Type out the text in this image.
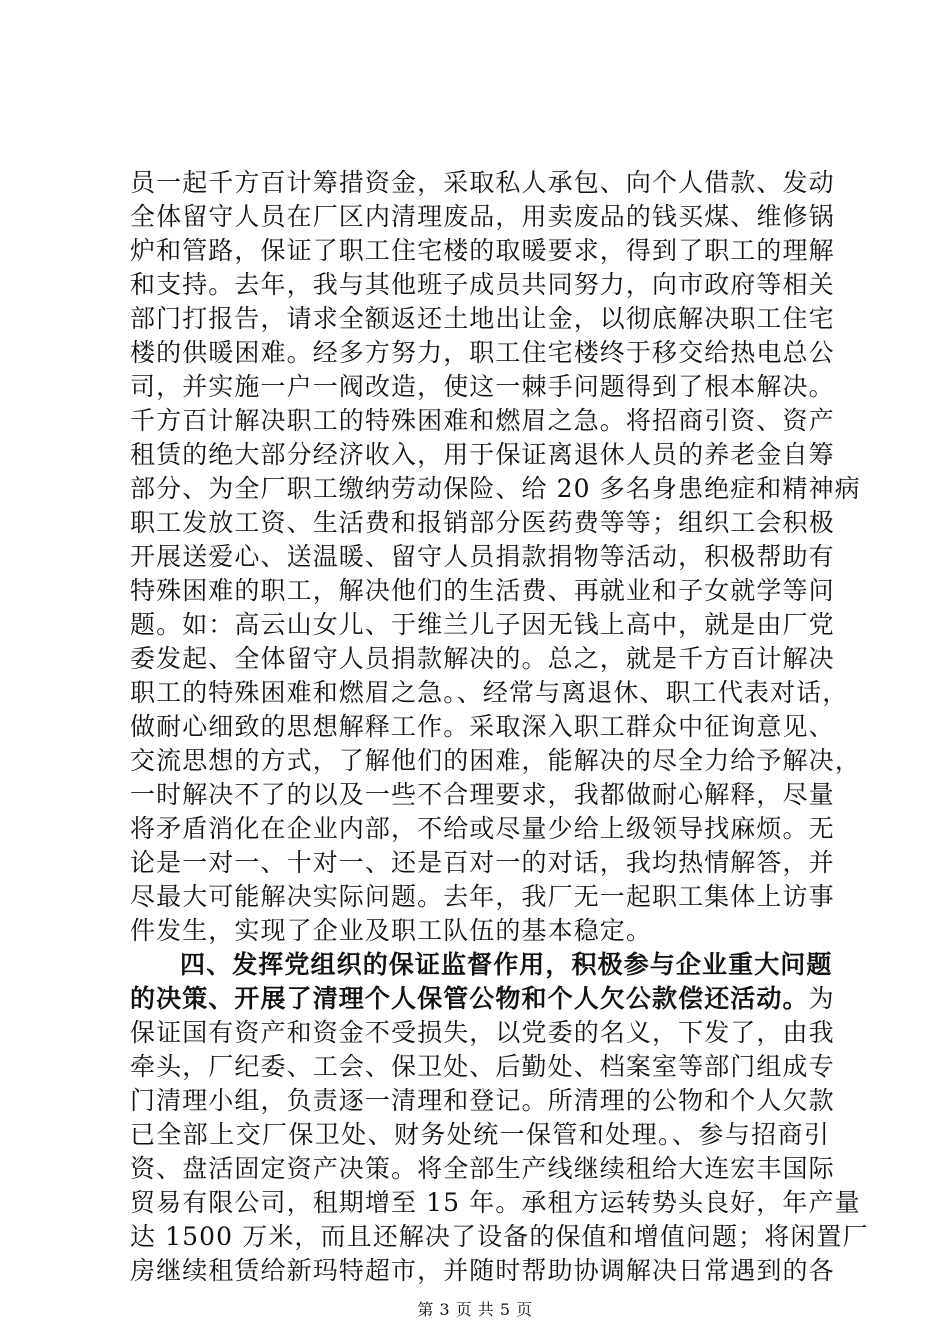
员一起千方百计筹措资金，采取私人承包、向个人借款、发动
全体留守人员在厂区内清理废品，用卖废品的钱买煤、维修锅
炉和管路，保证了职工住宅楼的取暖要求，得到了职工的理解
和支持。去年，我与其他班子成员共同努力，向市政府等相关
部门打报告，请求全额返还土地出让金，以彻底解决职工住宅
楼的供暖困难。经多方努力，职工住宅楼终于移交给热电总公
司，并实施一户一阀改造，使这一棘手问题得到了根本解决。
千方百计解决职工的特殊困难和燃眉之急。将招商引资、资产
租赁的绝大部分经济收入，用于保证离退休人员的养老金自筹
部分、为全厂职工缴纳劳动保险、给 20 多名身患绝症和精神病
职工发放工资、生活费和报销部分医药费等等；组织工会积极
开展送爱心、送温暖、留守人员捐款捐物等活动，积极帮助有
特殊困难的职工，解决他们的生活费、再就业和子女就学等问
题。如：高云山女儿、于维兰儿子因无钱上高中，就是由厂党
委发起、全体留守人员捐款解决的。总之，就是千方百计解决
职工的特殊困难和燃眉之急。、经常与离退休、职工代表对话，
做耐心细致的思想解释工作。采取深入职工群众中征询意见、
交流思想的方式，了解他们的困难，能解决的尽全力给予解决，
一时解决不了的以及一些不合理要求，我都做耐心解释，尽量
将矛盾消化在企业内部，不给或尽量少给上级领导找麻烦。无
论是一对一、十对一、还是百对一的对话，我均热情解答，并
尽最大可能解决实际问题。去年，我厂无一起职工集体上访事
件发生，实现了企业及职工队伍的基本稳定。
四、发挥党组织的保证监督作用，积极参与企业重大问题
的决策、开展了清理个人保管公物和个人欠公款偿还活动。为
保证国有资产和资金不受损失，以党委的名义，下发了，由我
牵头，厂纪委、工会、保卫处、后勤处、档案室等部门组成专
门清理小组，负责逐一清理和登记。所清理的公物和个人欠款
已全部上交厂保卫处、财务处统一保管和处理。、参与招商引
资、盘活固定资产决策。将全部生产线继续租给大连宏丰国际
贸易有限公司，租期增至 15 年。承租方运转势头良好，年产量
达 1500 万米，而且还解决了设备的保值和增值问题；将闲置厂
房继续租赁给新玛特超市，并随时帮助协调解决日常遇到的各
第 3 页 共 5 页
